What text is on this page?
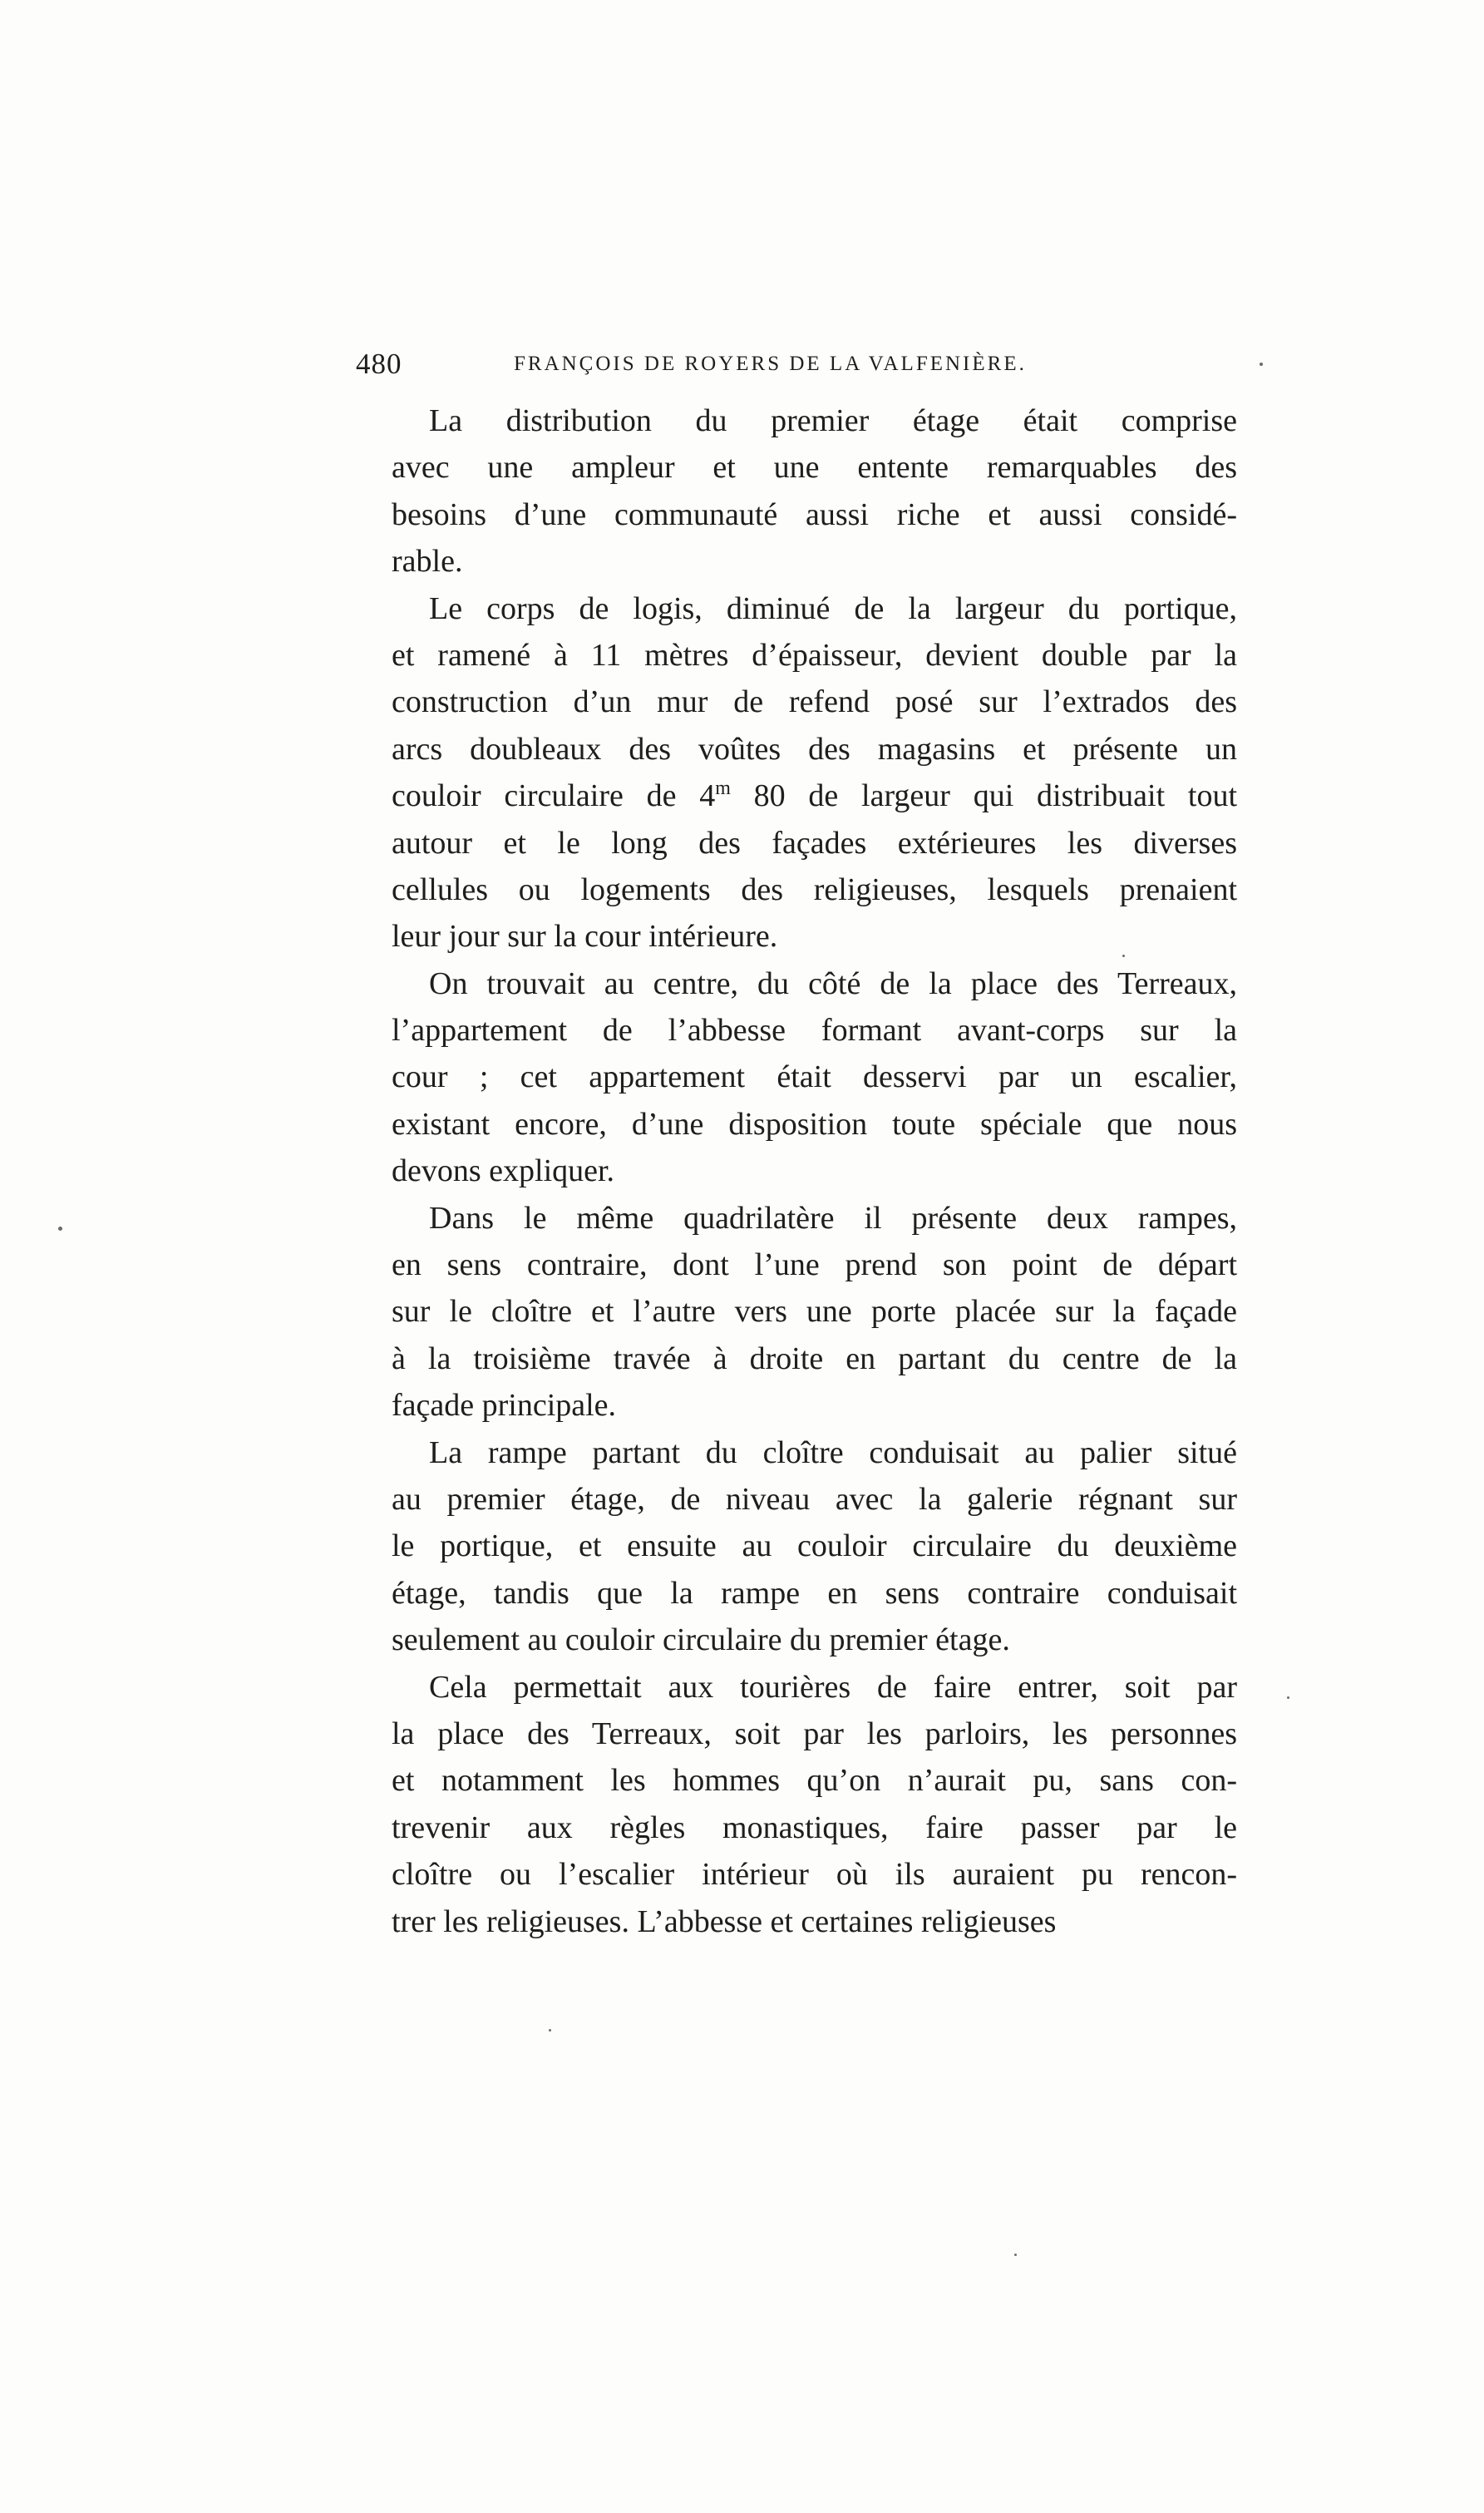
480	FRANÇOIS DE ROYERS DE LA VALFENIÈRE.
La distribution du premier étage était comprise
avec une ampleur et une entente remarquables des
besoins d’une communauté aussi riche et aussi considé-
rable.
Le corps de logis, diminué de la largeur du portique,
et ramené à 11 mètres d’épaisseur, devient double par la
construction d’un mur de refend posé sur l’extrados des
arcs doubleaux des voûtes des magasins et présente un
couloir circulaire de 4$^m$ 80 de largeur qui distribuait tout
autour et le long des façades extérieures les diverses
cellules ou logements des religieuses, lesquels prenaient
leur jour sur la cour intérieure.
On trouvait au centre, du côté de la place des Terreaux,
l’appartement de l’abbesse formant avant-corps sur la
cour ; cet appartement était desservi par un escalier,
existant encore, d’une disposition toute spéciale que nous
devons expliquer.
Dans le même quadrilatère il présente deux rampes,
en sens contraire, dont l’une prend son point de départ
sur le cloître et l’autre vers une porte placée sur la façade
à la troisième travée à droite en partant du centre de la
façade principale.
La rampe partant du cloître conduisait au palier situé
au premier étage, de niveau avec la galerie régnant sur
le portique, et ensuite au couloir circulaire du deuxième
étage, tandis que la rampe en sens contraire conduisait
seulement au couloir circulaire du premier étage.
Cela permettait aux tourières de faire entrer, soit par
la place des Terreaux, soit par les parloirs, les personnes
et notamment les hommes qu’on n’aurait pu, sans con-
trevenir aux règles monastiques, faire passer par le
cloître ou l’escalier intérieur où ils auraient pu rencon-
trer les religieuses. L’abbesse et certaines religieuses
